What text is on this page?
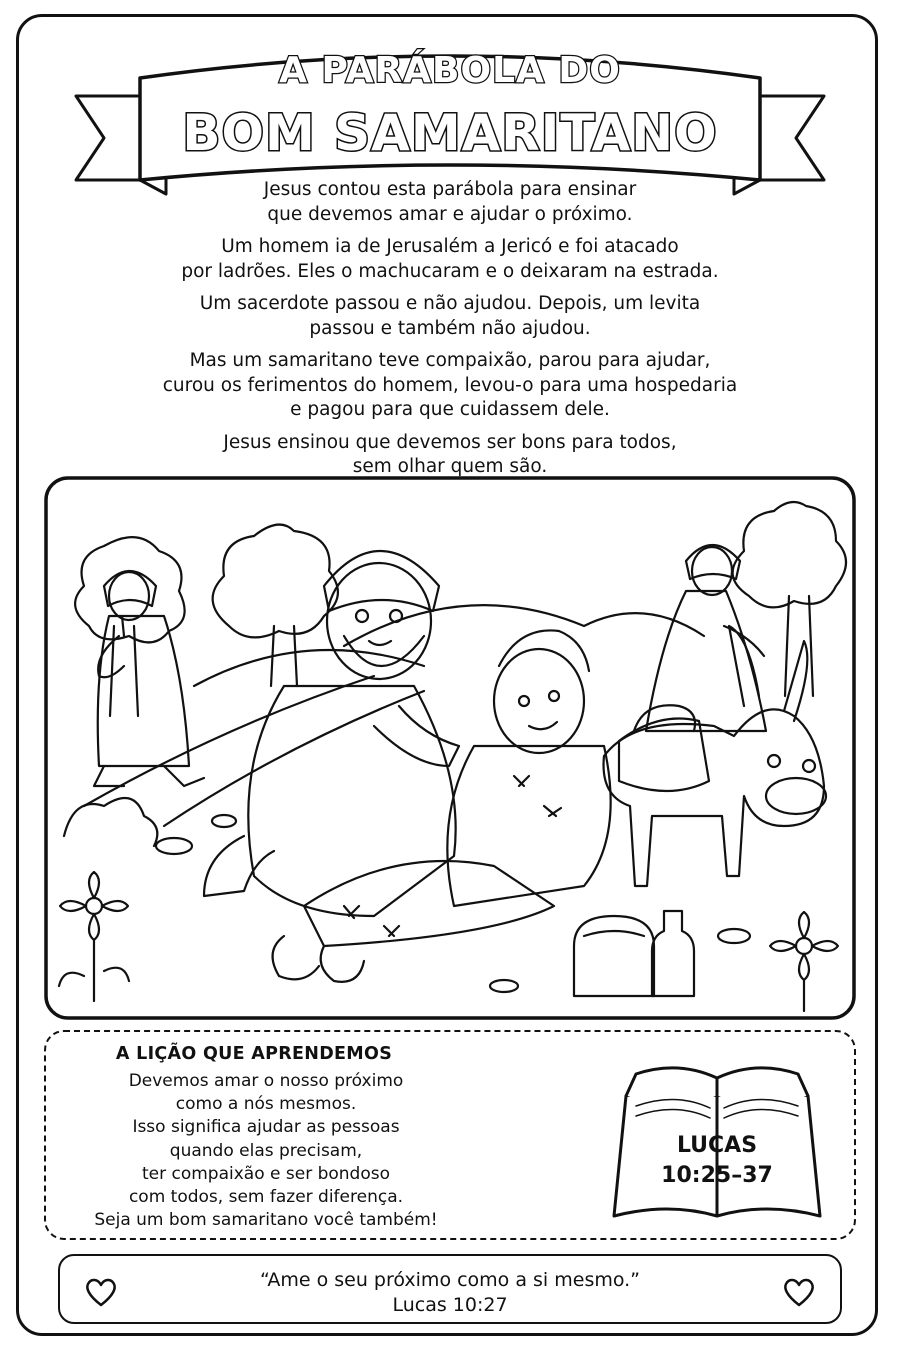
A PARÁBOLA DO
BOM SAMARITANO

Jesus contou esta parábola para ensinar
que devemos amar e ajudar o próximo.

Um homem ia de Jerusalém a Jericó e foi atacado
por ladrões. Eles o machucaram e o deixaram na estrada.

Um sacerdote passou e não ajudou. Depois, um levita
passou e também não ajudou.

Mas um samaritano teve compaixão, parou para ajudar,
curou os ferimentos do homem, levou-o para uma hospedaria
e pagou para que cuidassem dele.

Jesus ensinou que devemos ser bons para todos,
sem olhar quem são.

A LIÇÃO QUE APRENDEMOS
Devemos amar o nosso próximo
como a nós mesmos.
Isso significa ajudar as pessoas
quando elas precisam,
ter compaixão e ser bondoso
com todos, sem fazer diferença.
Seja um bom samaritano você também!
LUCAS
10:25–37
“Ame o seu próximo como a si mesmo.”
Lucas 10:27
